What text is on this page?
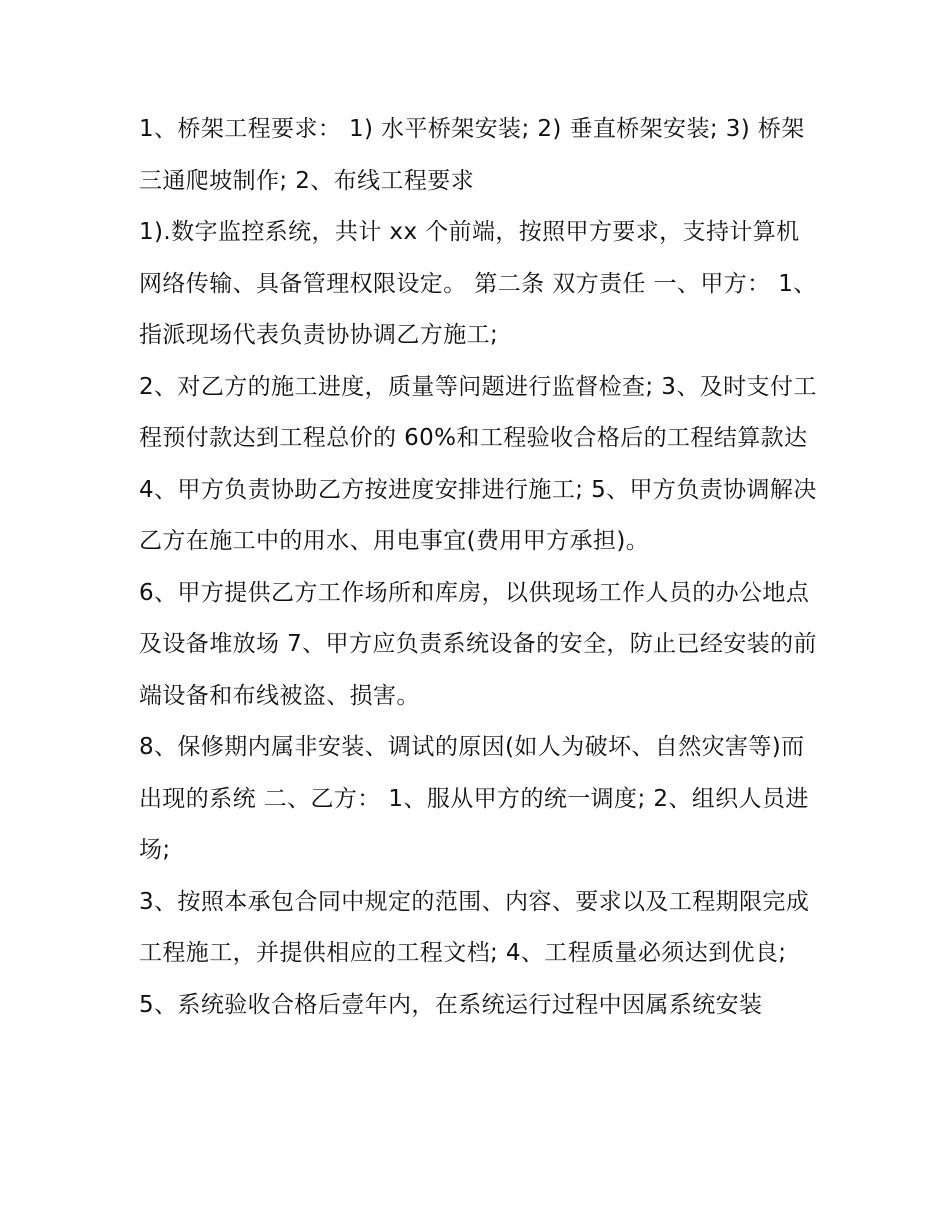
1、桥架工程要求： 1) 水平桥架安装; 2) 垂直桥架安装; 3) 桥架三通爬坡制作; 2、布线工程要求

1).数字监控系统，共计 xx 个前端，按照甲方要求，支持计算机网络传输、具备管理权限设定。 第二条 双方责任 一、甲方： 1、指派现场代表负责协协调乙方施工;

2、对乙方的施工进度，质量等问题进行监督检查; 3、及时支付工程预付款达到工程总价的 60%和工程验收合格后的工程结算款达

4、甲方负责协助乙方按进度安排进行施工; 5、甲方负责协调解决乙方在施工中的用水、用电事宜(费用甲方承担)。

6、甲方提供乙方工作场所和库房，以供现场工作人员的办公地点及设备堆放场 7、甲方应负责系统设备的安全，防止已经安装的前端设备和布线被盗、损害。

8、保修期内属非安装、调试的原因(如人为破坏、自然灾害等)而出现的系统 二、乙方： 1、服从甲方的统一调度; 2、组织人员进场;

3、按照本承包合同中规定的范围、内容、要求以及工程期限完成工程施工，并提供相应的工程文档; 4、工程质量必须达到优良;

5、系统验收合格后壹年内，在系统运行过程中因属系统安装
